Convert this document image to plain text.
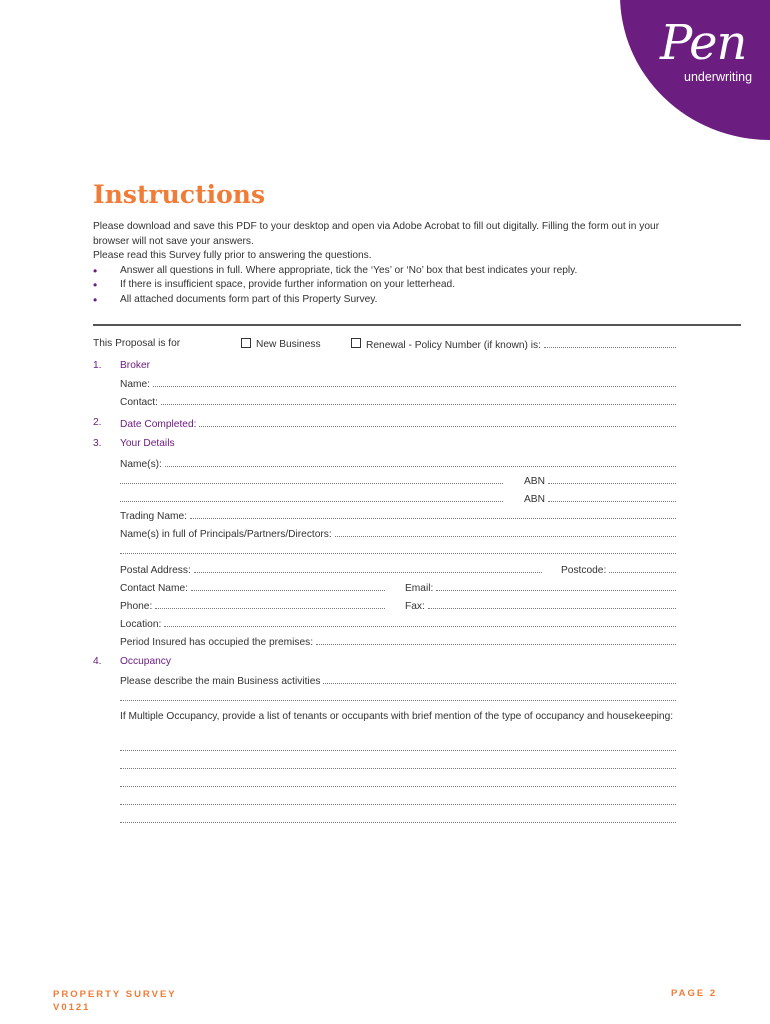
Pen
underwriting
Instructions

Please download and save this PDF to your desktop and open via Adobe Acrobat to fill out digitally. Filling the form out in your browser will not save your answers.

Please read this Survey fully prior to answering the questions.

• Answer all questions in full. Where appropriate, tick the ‘Yes’ or ‘No’ box that best indicates your reply.
• If there is insufficient space, provide further information on your letterhead.
• All attached documents form part of this Property Survey.
This Proposal is for	New Business	Renewal - Policy Number (if known) is:
1. Broker
Name:
Contact:
2. Date Completed:
3. Your Details
Name(s):
ABN
ABN
Trading Name:
Name(s) in full of Principals/Partners/Directors:
Postal Address:	Postcode:
Contact Name:	Email:
Phone:	Fax:
Location:
Period Insured has occupied the premises:
4. Occupancy
Please describe the main Business activities
If Multiple Occupancy, provide a list of tenants or occupants with brief mention of the type of occupancy and housekeeping:
PROPERTY SURVEY
V0121
PAGE 2
